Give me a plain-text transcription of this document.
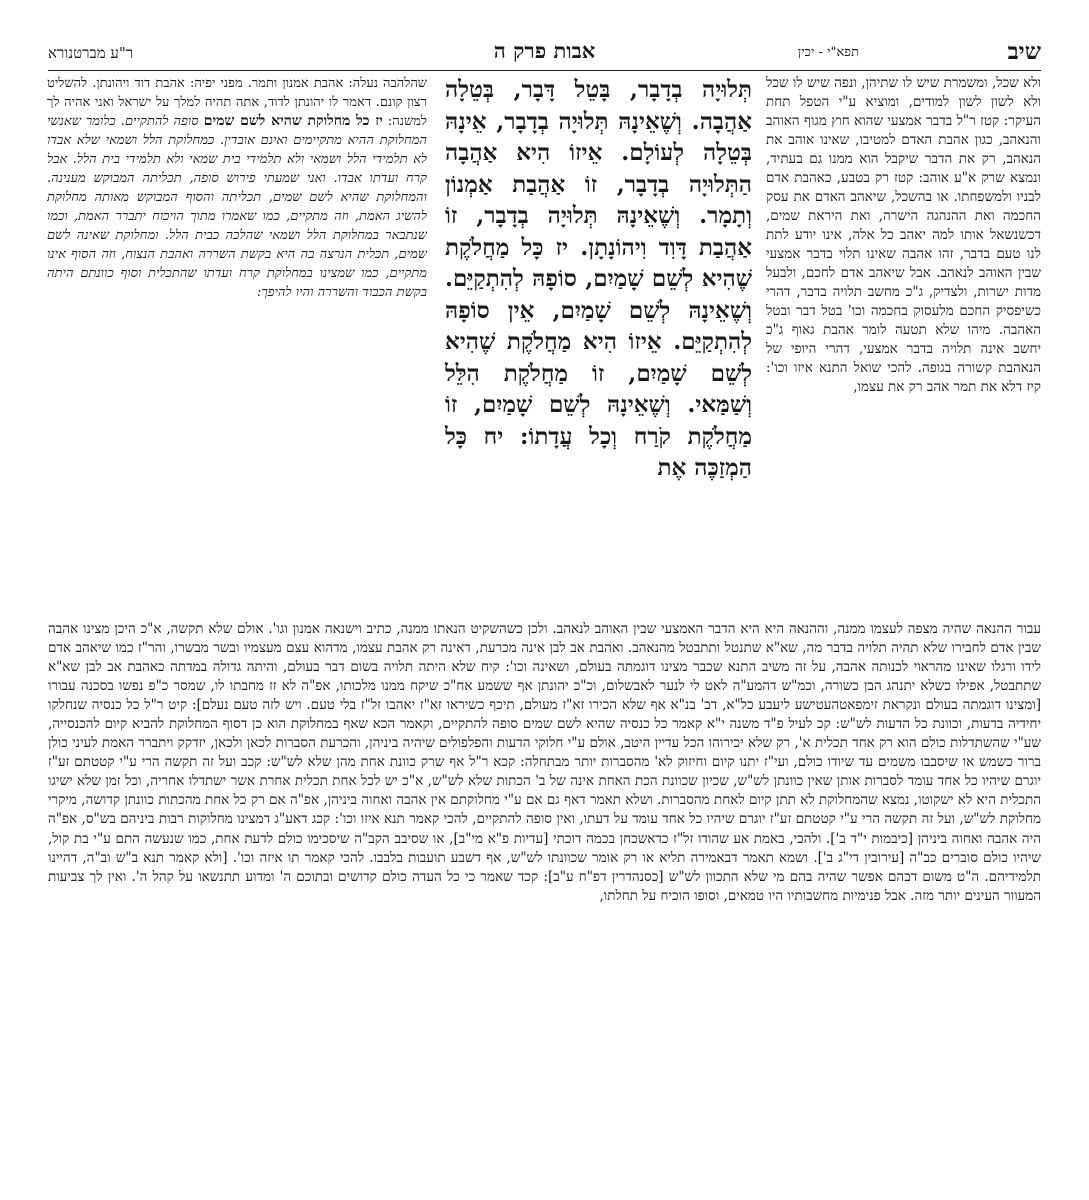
שיב
תפא"י - יכין
אבות פרק ה
ר"ע מברטנורא

ולא שכל, ומשמרת שיש לו שתיהן, ונפה שיש לו שכל ולא לשון לשון למודים, ומוציא ע"י הטפל תחת העיקר: קטז ר"ל בדבר אמצעי שהוא חוץ מגוף האוהב והנאהב, כגון אהבת האדם למטיבו, שאינו אוהב את הנאהב, רק את הדבר שיקבל הוא ממנו גם בעתיד, ונמצא שרק א"ע אוהב: קטז רק בטבע, כאהבת אדם לבניו ולמשפחתו. או בהשכל, שיאהב האדם את עסק החכמה ואת ההנהגה הישרה, ואת היראת שמים, דכשנשאל אותו למה יאהב כל אלה, אינו יודע לתת לנו טעם בדבר, זהו אהבה שאינו תלוי בדבר אמצעי שבין האוהב לנאהב. אבל שיאהב אדם לחכם, ולבעל מדות ישרות, ולצדיק, ג"כ מחשב תלויה בדבר, דהרי כשיפסיק החכם מלעסוק בחכמה וכו' בטל דבר ובטל האהבה. מיהו שלא תטעה לומר אהבת גאוף ג"כ יחשב אינה תלויה בדבר אמצעי, דהרי היופי של הנאהבת קשורה בגופה. להכי שואל התנא איזו וכו': קיז דלא את תמר אהב רק את עצמו,

תְּלוּיָה בְדָבָר, בָּטֵל דָּבָר, בְּטֵלָה אַהֲבָה. וְשֶׁאֵינָהּ תְּלוּיָה בְדָבָר, אֵינָהּ בְּטֵלָה לְעוֹלָם. אֵיזוֹ הִיא אַהֲבָה הַתְּלוּיָה בְדָבָר, זוֹ אַהֲבַת אַמְנוֹן וְתָמָר. וְשֶׁאֵינָהּ תְּלוּיָה בְדָבָר, זוֹ אַהֲבַת דָּוִד וִיהוֹנָתָן. יז כָּל מַחֲלֹקֶת שֶׁהִיא לְשֵׁם שָׁמַיִם, סוֹפָהּ לְהִתְקַיֵּם. וְשֶׁאֵינָהּ לְשֵׁם שָׁמַיִם, אֵין סוֹפָהּ לְהִתְקַיֵּם. אֵיזוֹ הִיא מַחֲלֹקֶת שֶׁהִיא לְשֵׁם שָׁמַיִם, זוֹ מַחֲלֹקֶת הִלֵּל וְשַׁמַּאי. וְשֶׁאֵינָהּ לְשֵׁם שָׁמַיִם, זוֹ מַחֲלֹקֶת קֹרַח וְכָל עֲדָתוֹ: יח כָּל הַמְזַכֶּה אֶת

שהלהבה נעלה: אהבת אמנון ותמר. מפני יפיה: אהבת דוד ויהונתן. להשליט רצון קונם. דאמר לו יהונתן לדוד, אתה תהיה למלך על ישראל ואני אהיה לך למשנה: יז כל מחלוקת שהיא לשם שמים סופה להתקיים. כלומר שאנשי המחלוקת ההיא מתקיימים ואינם אובדין. כמחלוקת הלל ושמאי שלא אבדו לא תלמידי הלל ושמאי ולא תלמידי בית שמאי ולא תלמידי בית הלל. אבל קרח ועדתו אבדו. ואני שמעתי פירוש סופה, תכליתה המבוקש מענינה. והמחלוקת שהיא לשם שמים, תכליתה והסוף המבוקש מאותה מחלוקת להשיג האמת, וזה מתקיים, כמו שאמרו מתוך הויכוח יתברר האמת, וכמו שנתבאר במחלוקת הלל ושמאי שהלכה כבית הלל. ומחלוקת שאינה לשם שמים, תכלית הנרצה בה היא בקשת השררה ואהבת הנצוח, וזה הסוף אינו מתקיים, כמו שמצינו במחלוקת קרח ועדתו שהתכלית וסוף כוונתם היתה בקשת הכבוד והשררה והיו להיפך:

עבור ההנאה שהיה מצפה לעצמו ממנה, וההנאה היא היא הדבר האמצעי שבין האוהב לנאהב. ולכן כשהשקיט הנאתו ממנה, כתיב וישנאה אמנון וגו'. אולם שלא תקשה, א"כ היכן מצינו אהבה שבין אדם לחבירו שלא תהיה תלויה בדבר מה, שא"א שתנטל ותתבטל מהנאהב. ואהבת אב לבן אינה מכרעת, דאינה רק אהבת עצמו, מדהוא עצם מעצמיו ובשר מבשרו, והר"ז כמו שיאהב אדם לידו ורגלו שאינו מהראוי לכנותה אהבה, על זה משיב התנא שכבר מצינו דוגמתה בעולם, ושאינה וכו': קיח שלא היתה תלויה בשום דבר בעולם, והיתה גדולה במדתה כאהבת אב לבן שא"א שתתבטל, אפילו כשלא יתנהג הבן כשורה, וכמ"ש דהמע"ה לאט לי לנער לאבשלום, וכ"כ יהונתן אף ששמע אח"כ שיקח ממנו מלכותו, אפ"ה לא זז מחבתו לו, שמסר כ"פ נפשו בסכנה עבורו [ומצינו דוגמתה בעולם ונקראת זימפאטהעטישע ליעבע כל"א, דב' בנ"א אף שלא הכירו זא"ז מעולם, תיכף כשיראו זא"ז יאהבו זל"ז בלי טעם. ויש לזה טעם נעלם]: קיט ר"ל כל כנסיה שנחלקו יחידיה בדעות, וכוונת כל הדעות לש"ש: קכ לעיל פ"ד משנה י"א קאמר כל כנסיה שהיא לשם שמים סופה להתקיים, וקאמר הכא שאף במחלוקת הוא כן דסוף המחלוקת להביא קיום להכנסייה, שע"י שהשתדלות כולם הוא רק אחד תכלית א', רק שלא יכירוהו הכל עדיין היטב, אולם ע"י חלוקי הדעות והפלפולים שיהיה ביניהן, והכרעת הסברות לכאן ולכאן, יזדקק ויתברר האמת לעיני כולן ברור כשמש או שיסבבו משמים עד שיודו כולם, ועי"ז יתנו קיום וחיזוק לא' מהסברות יותר מבתחלה: קכא ר"ל אף שרק כוונת אחת מהן שלא לש"ש: קכב ועל זה תקשה הרי ע"י קטטתם זע"ז יוגרם שיהיו כל אחד עומד לסברות אותן שאין כוונתן לש"ש, שכיון שכוונת הכת האחת אינה של ב' הכתות שלא לש"ש, א"כ יש לכל אחת תכלית אחרת אשר ישתדלו אחריה, וכל זמן שלא ישיגו התכלית היא לא ישקוטו, נמצא שהמחלוקת לא תתן קיום לאחת מהסברות. ושלא תאמר דאף גם אם ע"י מחלוקתם אין אהבה ואחוה ביניהן, אפ"ה אם רק כל אחת מהכתות כוונתן קדושה, מיקרי מחלוקת לש"ש, ועל זה תקשה הרי ע"י קטטתם זע"ז יוגרם שיהיו כל אחד עומד על דעתו, ואין סופה להתקיים, להכי קאמר תנא איזו וכו': קכג דאע"ג דמצינו מחלוקות רבות ביניהם בש"ס, אפ"ה היה אהבה ואחוה ביניהן [כיבמות י"ד ב']. ולהכי, באמת אע שהודו זל"ז כדאשכחן בכמה דוכתי [עדיות פ"א מי"ב], או שסיבב הקב"ה שיסכימו כולם לדעת אחת, כמו שנעשה התם ע"י בת קול, שיהיו כולם סוברים כב"ה [עירובין די"ג ב']. ושמא תאמר דבאמירה תליא או רק אומר שכוונתו לש"ש, אף דשבע תועבות בלבבו. להכי קאמר תו איזה וכו'. [ולא קאמר תנא ב"ש וב"ה, דהיינו תלמידיהם. ה"ט משום דבהם אפשר שהיה בהם מי שלא התכוון לש"ש [כסנהדרין דפ"ח ע"ב]: קכד שאמר כי כל העדה כולם קדושים ובתוכם ה' ומדוע תתנשאו על קהל ה'. ואין לך צביעות המעוור העינים יותר מזה. אבל פנימיות מחשבותיו היו טמאים, וסופו הוכיח על תחלתו,
